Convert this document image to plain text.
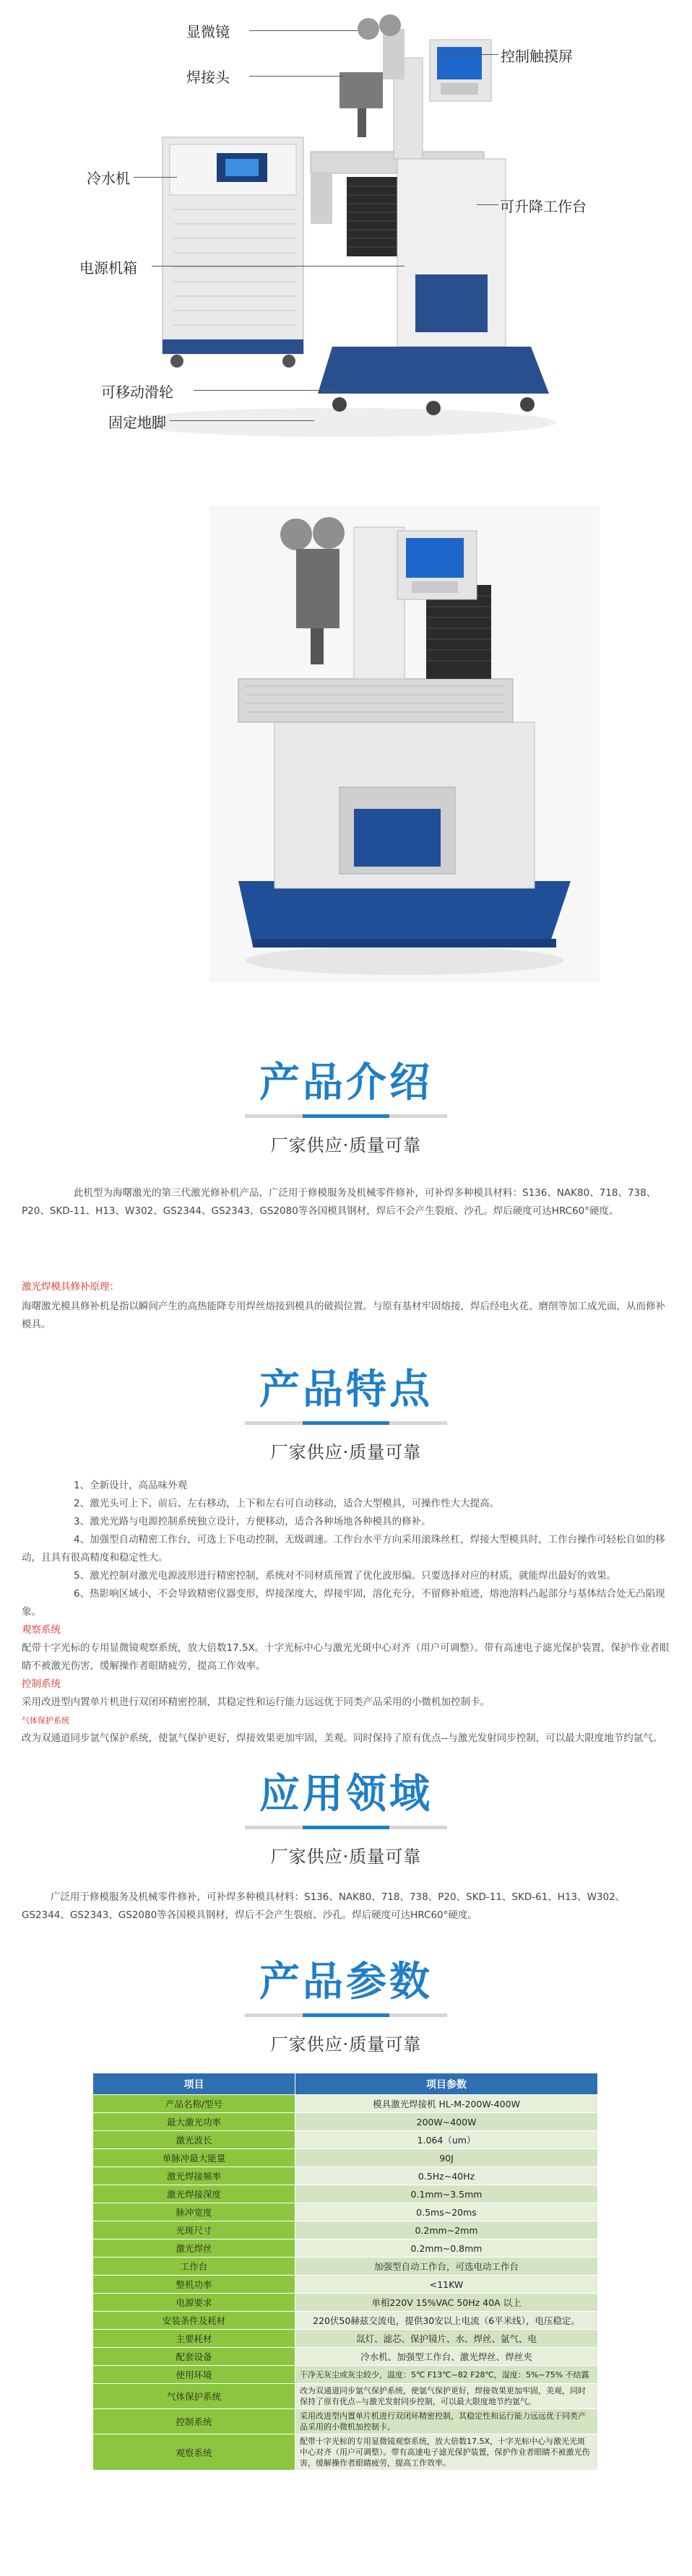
显微镜
焊接头
控制触摸屏
冷水机
可升降工作台
电源机箱
可移动滑轮
固定地脚
产品介绍
厂家供应·质量可靠

此机型为海曙激光的第三代激光修补机产品，广泛用于修模服务及机械零件修补，可补焊多种模具材料：S136、NAK80、718、738、P20、SKD-11、H13、W302、GS2344、GS2343、GS2080等各国模具钢材，焊后不会产生裂痕、沙孔。焊后硬度可达HRC60°硬度。

激光焊模具修补原理：

海曙激光模具修补机是指以瞬间产生的高热能降专用焊丝熔接到模具的破损位置。与原有基材牢固熔接，焊后经电火花、磨削等加工成光面，从而修补模具。

产品特点
厂家供应·质量可靠

1、全新设计，高品味外观

2、激光头可上下、前后、左右移动，上下和左右可自动移动，适合大型模具，可操作性大大提高。

3、激光光路与电源控制系统独立设计，方便移动，适合各种场地各种模具的修补。

4、加强型自动精密工作台，可选上下电动控制，无级调速。工作台水平方向采用滚珠丝杠，焊接大型模具时，工作台操作可轻松自如的移动，且具有很高精度和稳定性大。

5、激光控制对激光电源波形进行精密控制，系统对不同材质预置了优化波形编。只要选择对应的材质，就能焊出最好的效果。

6、热影响区域小，不会导致精密仪器变形，焊接深度大，焊接牢固，溶化充分，不留修补痕迹，熔池溶料凸起部分与基体结合处无凸陷现象。

观察系统

配带十字光标的专用显微镜观察系统，放大倍数17.5X。十字光标中心与激光光斑中心对齐（用户可调整）。带有高速电子滤光保护装置，保护作业者眼睛不被激光伤害，缓解操作者眼睛疲劳，提高工作效率。

控制系统

采用改进型内置单片机进行双闭环精密控制，其稳定性和运行能力远远优于同类产品采用的小微机加控制卡。

气体保护系统

改为双通道同步氩气保护系统，使氩气保护更好，焊接效果更加牢固，美观。同时保持了原有优点--与激光发射同步控制，可以最大限度地节约氩气。

应用领域
厂家供应·质量可靠

广泛用于修模服务及机械零件修补，可补焊多种模具材料：S136、NAK80、718、738、P20、SKD-11、SKD-61、H13、W302、GS2344、GS2343、GS2080等各国模具钢材，焊后不会产生裂痕、沙孔。焊后硬度可达HRC60°硬度。

产品参数
厂家供应·质量可靠
项目	项目参数
产品名称/型号	模具激光焊接机 HL-M-200W-400W
最大激光功率	200W~400W
激光波长	1.064（um）
单脉冲最大能量	90J
激光焊接频率	0.5Hz~40Hz
激光焊接深度	0.1mm~3.5mm
脉冲宽度	0.5ms~20ms
光斑尺寸	0.2mm~2mm
激光焊丝	0.2mm~0.8mm
工作台	加强型自动工作台，可选电动工作台
整机功率	<11KW
电源要求	单相220V 15%VAC 50Hz 40A 以上
安装条件及耗材	220伏50赫兹交流电，提供30安以上电流（6平米线），电压稳定。
主要耗材	氙灯、滤芯、保护镜片、水、焊丝、氩气、电
配套设备	冷水机、加强型工作台、激光焊丝、焊丝夹
使用环境	干净无灰尘或灰尘较少，温度：5℃ F13℃~82 F28℃，湿度：5%~75% 不结露
气体保护系统	改为双通道同步氩气保护系统，使氩气保护更好，焊接效果更加牢固，美观，同时保持了原有优点--与激光发射同步控制，可以最大限度地节约氩气。
控制系统	采用改进型内置单片机进行双闭环精密控制，其稳定性和运行能力远远优于同类产品采用的小微机加控制卡。
观察系统	配带十字光标的专用显微镜观察系统，放大倍数17.5X，十字光标中心与激光光斑中心对齐（用户可调整）。带有高速电子滤光保护装置，保护作业者眼睛不被激光伤害，缓解操作者眼睛疲劳，提高工作效率。
